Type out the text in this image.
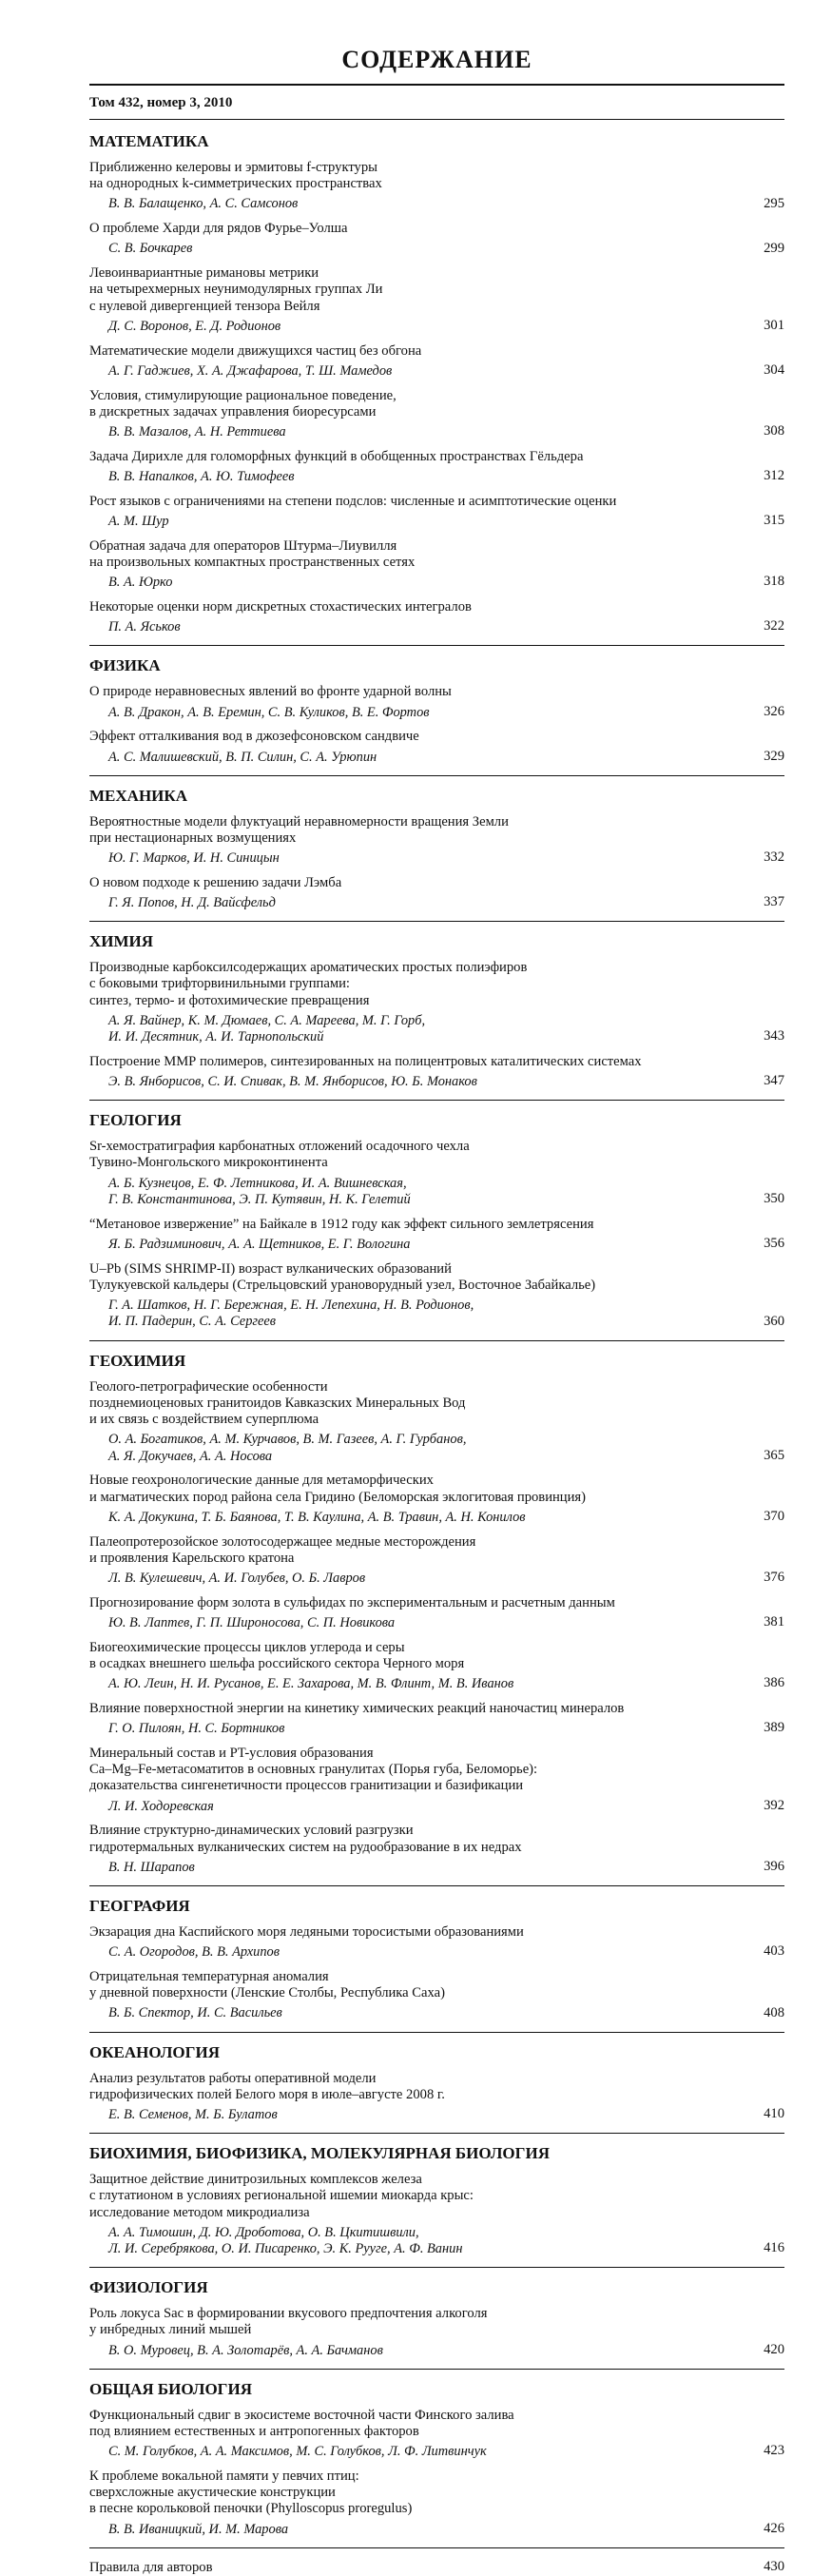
СОДЕРЖАНИЕ
Том 432, номер 3, 2010
МАТЕМАТИКА
Приближенно келеровы и эрмитовы f-структуры
на однородных k-симметрических пространствах
В. В. Балащенко, А. С. Самсонов	295
О проблеме Харди для рядов Фурье–Уолша
С. В. Бочкарев	299
Левоинвариантные римановы метрики
на четырехмерных неунимодулярных группах Ли
с нулевой дивергенцией тензора Вейля
Д. С. Воронов, Е. Д. Родионов	301
Математические модели движущихся частиц без обгона
А. Г. Гаджиев, Х. А. Джафарова, Т. Ш. Мамедов	304
Условия, стимулирующие рациональное поведение,
в дискретных задачах управления биоресурсами
В. В. Мазалов, А. Н. Реттиева	308
Задача Дирихле для голоморфных функций в обобщенных пространствах Гёльдера
В. В. Напалков, А. Ю. Тимофеев	312
Рост языков с ограничениями на степени подслов: численные и асимптотические оценки
А. М. Шур	315
Обратная задача для операторов Штурма–Лиувилля
на произвольных компактных пространственных сетях
В. А. Юрко	318
Некоторые оценки норм дискретных стохастических интегралов
П. А. Яськов	322
ФИЗИКА
О природе неравновесных явлений во фронте ударной волны
А. В. Дракон, А. В. Еремин, С. В. Куликов, В. Е. Фортов	326
Эффект отталкивания вод в джозефсоновском сандвиче
А. С. Малишевский, В. П. Силин, С. А. Урюпин	329
МЕХАНИКА
Вероятностные модели флуктуаций неравномерности вращения Земли
при нестационарных возмущениях
Ю. Г. Марков, И. Н. Синицын	332
О новом подходе к решению задачи Лэмба
Г. Я. Попов, Н. Д. Вайсфельд	337
ХИМИЯ
Производные карбоксилсодержащих ароматических простых полиэфиров
с боковыми трифторвинильными группами:
синтез, термо- и фотохимические превращения
А. Я. Вайнер, К. М. Дюмаев, С. А. Марeева, М. Г. Горб,
И. И. Десятник, А. И. Тарнопольский	343
Построение ММР полимеров, синтезированных на полицентровых каталитических системах
Э. В. Янборисов, С. И. Спивак, В. М. Янборисов, Ю. Б. Монаков	347
ГЕОЛОГИЯ
Sr-хемостратиграфия карбонатных отложений осадочного чехла
Тувино-Монгольского микроконтинента
А. Б. Кузнецов, Е. Ф. Летникова, И. А. Вишневская,
Г. В. Константинова, Э. П. Кутявин, Н. К. Гелетий	350
“Метановое извержение” на Байкале в 1912 году как эффект сильного землетрясения
Я. Б. Радзиминович, А. А. Щетников, Е. Г. Вологина	356
U–Pb (SIMS SHRIMP-II) возраст вулканических образований
Тулукуевской кальдеры (Стрельцовский урановорудный узел, Восточное Забайкалье)
Г. А. Шатков, Н. Г. Бережная, Е. Н. Лепехина, Н. В. Родионов,
И. П. Падерин, С. А. Сергеев	360
ГЕОХИМИЯ
Геолого-петрографические особенности
позднемиоценовых гранитоидов Кавказских Минеральных Вод
и их связь с воздействием суперплюма
О. А. Богатиков, А. М. Курчавов, В. М. Газеев, А. Г. Гурбанов,
А. Я. Докучаев, А. А. Носова	365
Новые геохронологические данные для метаморфических
и магматических пород района села Гридино (Беломорская эклогитовая провинция)
К. А. Докукина, Т. Б. Баянова, Т. В. Каулина, А. В. Травин, А. Н. Конилов	370
Палеопротерозойское золотосодержащее медные месторождения
и проявления Карельского кратона
Л. В. Кулешевич, А. И. Голубев, О. Б. Лавров	376
Прогнозирование форм золота в сульфидах по экспериментальным и расчетным данным
Ю. В. Лаптев, Г. П. Широносова, С. П. Новикова	381
Биогеохимические процессы циклов углерода и серы
в осадках внешнего шельфа российского сектора Черного моря
А. Ю. Леин, Н. И. Русанов, Е. Е. Захарова, М. В. Флинт, М. В. Иванов	386
Влияние поверхностной энергии на кинетику химических реакций наночастиц минералов
Г. О. Пилоян, Н. С. Бортников	389
Минеральный состав и PT-условия образования
Ca–Mg–Fe-метасоматитов в основных гранулитах (Порья губа, Беломорье):
доказательства сингенетичности процессов гранитизации и базификации
Л. И. Ходоревская	392
Влияние структурно-динамических условий разгрузки
гидротермальных вулканических систем на рудообразование в их недрах
В. Н. Шарапов	396
ГЕОГРАФИЯ
Экзарация дна Каспийского моря ледяными торосистыми образованиями
С. А. Огородов, В. В. Архипов	403
Отрицательная температурная аномалия
у дневной поверхности (Ленские Столбы, Республика Саха)
В. Б. Спектор, И. С. Васильев	408
ОКЕАНОЛОГИЯ
Анализ результатов работы оперативной модели
гидрофизических полей Белого моря в июле–августе 2008 г.
Е. В. Семенов, М. Б. Булатов	410
БИОХИМИЯ, БИОФИЗИКА, МОЛЕКУЛЯРНАЯ БИОЛОГИЯ
Защитное действие динитрозильных комплексов железа
с глутатионом в условиях региональной ишемии миокарда крыс:
исследование методом микродиализа
А. А. Тимошин, Д. Ю. Дроботова, О. В. Цкитишвили,
Л. И. Серебрякова, О. И. Писаренко, Э. К. Рууге, А. Ф. Ванин	416
ФИЗИОЛОГИЯ
Роль локуса Sac в формировании вкусового предпочтения алкоголя
у инбредных линий мышей
В. О. Муровец, В. А. Золотарёв, А. А. Бачманов	420
ОБЩАЯ БИОЛОГИЯ
Функциональный сдвиг в экосистеме восточной части Финского залива
под влиянием естественных и антропогенных факторов
С. М. Голубков, А. А. Максимов, М. С. Голубков, Л. Ф. Литвинчук	423
К проблеме вокальной памяти у певчих птиц:
сверхсложные акустические конструкции
в песне корольковой пеночки (Phylloscopus proregulus)
В. В. Иваницкий, И. М. Марова	426
Правила для авторов	430
